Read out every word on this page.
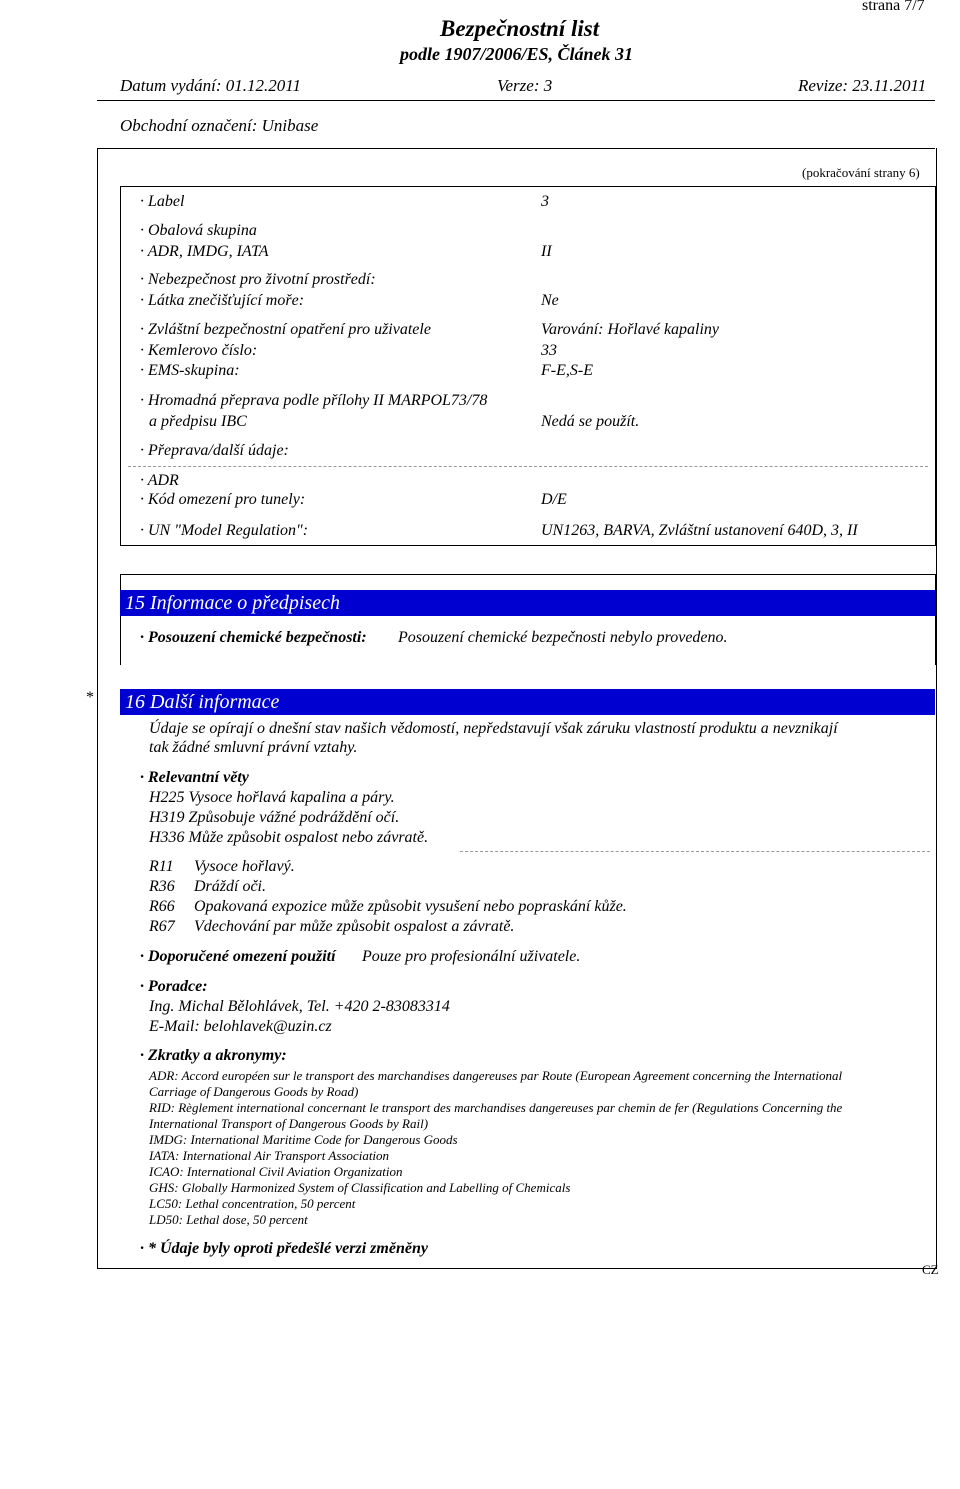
strana 7/7
Bezpečnostní list
podle 1907/2006/ES, Článek 31
Datum vydání: 01.12.2011	Verze: 3	Revize: 23.11.2011
Obchodní označení: Unibase
(pokračování strany 6)
· Label	3
· Obalová skupina
· ADR, IMDG, IATA	II
· Nebezpečnost pro životní prostředí:
· Látka znečišťující moře:	Ne
· Zvláštní bezpečnostní opatření pro uživatele	Varování: Hořlavé kapaliny
· Kemlerovo číslo:	33
· EMS-skupina:	F-E,S-E
· Hromadná přeprava podle přílohy II MARPOL73/78
a předpisu IBC	Nedá se použít.
· Přeprava/další údaje:
· ADR
· Kód omezení pro tunely:	D/E
· UN "Model Regulation":	UN1263, BARVA, Zvláštní ustanovení 640D, 3, II
15 Informace o předpisech
· Posouzení chemické bezpečnosti: Posouzení chemické bezpečnosti nebylo provedeno.
* 16 Další informace
Údaje se opírají o dnešní stav našich vědomostí, nepředstavují však záruku vlastností produktu a nevznikají
tak žádné smluvní právní vztahy.
· Relevantní věty
H225 Vysoce hořlavá kapalina a páry.
H319 Způsobuje vážné podráždění očí.
H336 Může způsobit ospalost nebo závratě.
R11 Vysoce hořlavý.
R36 Dráždí oči.
R66 Opakovaná expozice může způsobit vysušení nebo popraskání kůže.
R67 Vdechování par může způsobit ospalost a závratě.
· Doporučené omezení použití Pouze pro profesionální uživatele.
· Poradce:
Ing. Michal Bělohlávek, Tel. +420 2-83083314
E-Mail: belohlavek@uzin.cz
· Zkratky a akronymy:
ADR: Accord européen sur le transport des marchandises dangereuses par Route (European Agreement concerning the International
Carriage of Dangerous Goods by Road)
RID: Règlement international concernant le transport des marchandises dangereuses par chemin de fer (Regulations Concerning the
International Transport of Dangerous Goods by Rail)
IMDG: International Maritime Code for Dangerous Goods
IATA: International Air Transport Association
ICAO: International Civil Aviation Organization
GHS: Globally Harmonized System of Classification and Labelling of Chemicals
LC50: Lethal concentration, 50 percent
LD50: Lethal dose, 50 percent
· * Údaje byly oproti předešlé verzi změněny
CZ
